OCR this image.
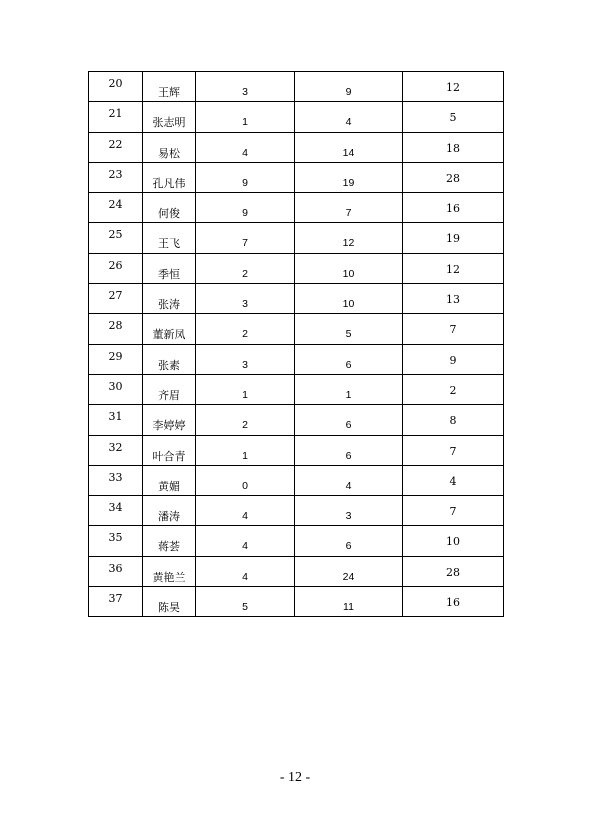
20	王辉	3	9	12

21	张志明	1	4	5

22	易松	4	14	18

23	孔凡伟	9	19	28

24	何俊	9	7	16

25	王飞	7	12	19

26	季恒	2	10	12

27	张涛	3	10	13

28	董新凤	2	5	7

29	张素	3	6	9

30	齐眉	1	1	2

31	李婷婷	2	6	8

32	叶合青	1	6	7

33	黄媚	0	4	4

34	潘涛	4	3	7

35	蒋荟	4	6	10

36	黄艳兰	4	24	28

37	陈昊	5	11	16
- 12 -
